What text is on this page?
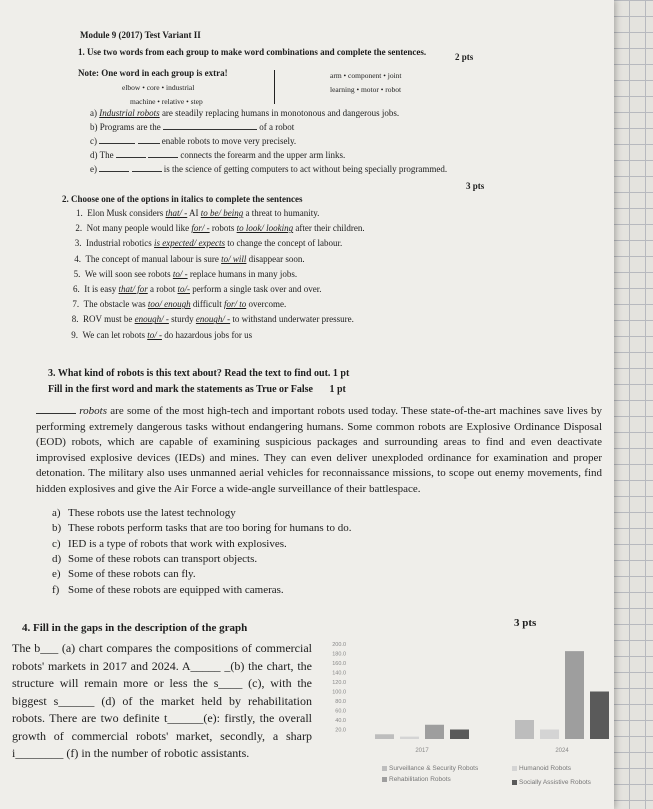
Module 9 (2017) Test Variant II
1. Use two words from each group to make word combinations and complete the sentences.	2 pts
Note: One word in each group is extra!
elbow • core • industrial
machine • relative • step
arm • component • joint
learning • motor • robot
a) Industrial robots are steadily replacing humans in monotonous and dangerous jobs.
b) Programs are the	of a robot
c)	enable robots to move very precisely.
d) The	connects the forearm and the upper arm links.
e)	is the science of getting computers to act without being specially programmed.
3 pts
2. Choose one of the options in italics to complete the sentences
1. Elon Musk considers that/ - AI to be/ being a threat to humanity.
2. Not many people would like for/ - robots to look/ looking after their children.
3. Industrial robotics is expected/ expects to change the concept of labour.
4. The concept of manual labour is sure to/ will disappear soon.
5. We will soon see robots to/ - replace humans in many jobs.
6. It is easy that/ for a robot to/- perform a single task over and over.
7. The obstacle was too/ enough difficult for/ to overcome.
8. ROV must be enough/ - sturdy enough/ - to withstand underwater pressure.
9. We can let robots to/ - do hazardous jobs for us
3. What kind of robots is this text about? Read the text to find out. 1 pt
Fill in the first word and mark the statements as True or False 1 pt
robots are some of the most high-tech and important robots used today. These state-of-the-art machines save lives by performing extremely dangerous tasks without endangering humans. Some common robots are Explosive Ordinance Disposal (EOD) robots, which are capable of examining suspicious packages and surrounding areas to find and even deactivate improvised explosive devices (IEDs) and mines. They can even deliver unexploded ordinance for examination and proper detonation. The military also uses unmanned aerial vehicles for reconnaissance missions, to scope out enemy movements, find hidden explosives and give the Air Force a wide-angle surveillance of their battlespace.
a) These robots use the latest technology
b) These robots perform tasks that are too boring for humans to do.
c) IED is a type of robots that work with explosives.
d) Some of these robots can transport objects.
e) Some of these robots can fly.
f) Some of these robots are equipped with cameras.
4. Fill in the gaps in the description of the graph	3 pts
The b___ (a) chart compares the compositions of commercial robots' markets in 2017 and 2024. A_____ _(b) the chart, the structure will remain more or less the s____ (c), with the biggest s______ (d) of the market held by rehabilitation robots. There are two definite t______(e): firstly, the overall growth of commercial robots' market, secondly, a sharp i________ (f) in the number of robotic assistants.
200.0
180.0
160.0
140.0
120.0
100.0
80.0
60.0
40.0
20.0
2017	2024
Surveillance & Security Robots	Humanoid Robots
Rehabilitation Robots	Socially Assistive Robots
